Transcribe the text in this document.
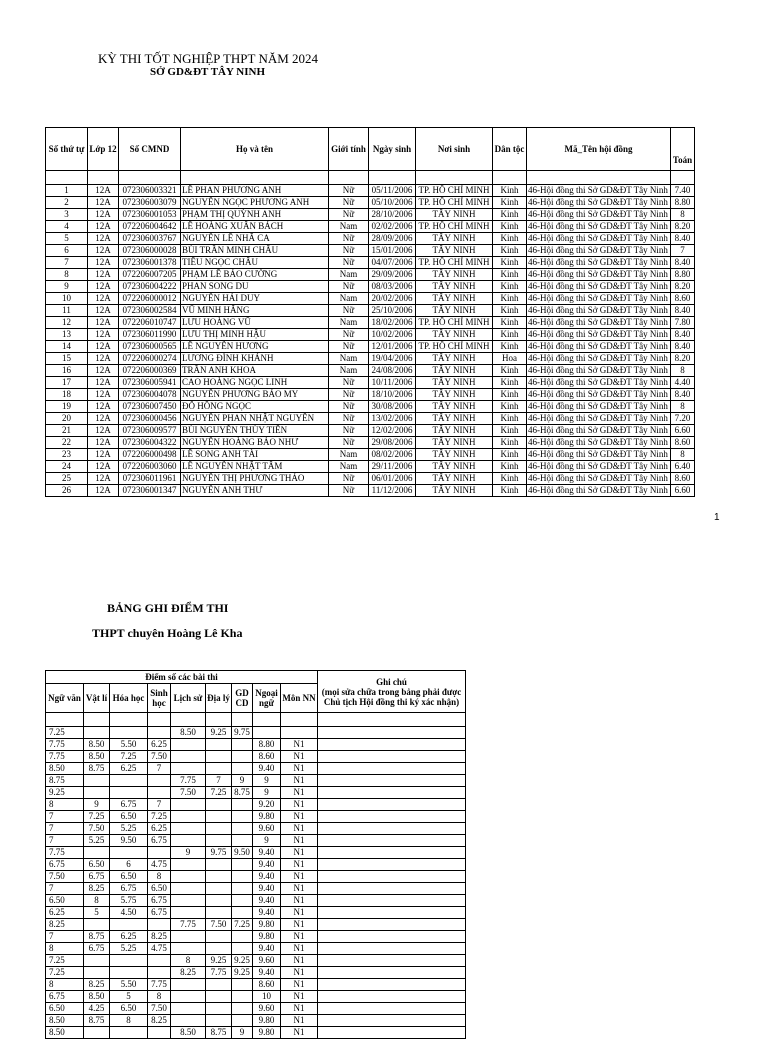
KỲ THI TỐT NGHIỆP THPT NĂM 2024
SỞ GD&ĐT TÂY NINH
Số thứ tự	Lớp 12	Số CMND	Họ và tên	Giới tính	Ngày sinh	Nơi sinh	Dân tộc	Mã_Tên hội đồng	Toán

1	12A	072306003321	LÊ PHAN PHƯƠNG ANH	Nữ	05/11/2006	TP. HỒ CHÍ MINH	Kinh	46-Hội đồng thi Sở GD&ĐT Tây Ninh	7.40
2	12A	072306003079	NGUYỄN NGỌC PHƯƠNG ANH	Nữ	05/10/2006	TP. HỒ CHÍ MINH	Kinh	46-Hội đồng thi Sở GD&ĐT Tây Ninh	8.80
3	12A	072306001053	PHẠM THỊ QUỲNH ANH	Nữ	28/10/2006	TÂY NINH	Kinh	46-Hội đồng thi Sở GD&ĐT Tây Ninh	8
4	12A	072206004642	LÊ HOÀNG XUÂN BÁCH	Nam	02/02/2006	TP. HỒ CHÍ MINH	Kinh	46-Hội đồng thi Sở GD&ĐT Tây Ninh	8.20
5	12A	072306003767	NGUYỄN LÊ NHÃ CA	Nữ	28/09/2006	TÂY NINH	Kinh	46-Hội đồng thi Sở GD&ĐT Tây Ninh	8.40
6	12A	072306000028	BÙI TRẦN MINH CHÂU	Nữ	15/01/2006	TÂY NINH	Kinh	46-Hội đồng thi Sở GD&ĐT Tây Ninh	7
7	12A	072306001378	TIÊU NGỌC CHÂU	Nữ	04/07/2006	TP. HỒ CHÍ MINH	Kinh	46-Hội đồng thi Sở GD&ĐT Tây Ninh	8.40
8	12A	072206007205	PHẠM LÊ BẢO CƯỜNG	Nam	29/09/2006	TÂY NINH	Kinh	46-Hội đồng thi Sở GD&ĐT Tây Ninh	8.80
9	12A	072306004222	PHAN SONG DU	Nữ	08/03/2006	TÂY NINH	Kinh	46-Hội đồng thi Sở GD&ĐT Tây Ninh	8.20
10	12A	072206000012	NGUYỄN HẢI DUY	Nam	20/02/2006	TÂY NINH	Kinh	46-Hội đồng thi Sở GD&ĐT Tây Ninh	8.60
11	12A	072306002584	VŨ MINH HẰNG	Nữ	25/10/2006	TÂY NINH	Kinh	46-Hội đồng thi Sở GD&ĐT Tây Ninh	8.40
12	12A	072206010747	LƯU HOÀNG VŨ	Nam	18/02/2006	TP. HỒ CHÍ MINH	Kinh	46-Hội đồng thi Sở GD&ĐT Tây Ninh	7.80
13	12A	072306011990	LƯU THỊ MINH HẬU	Nữ	10/02/2006	TÂY NINH	Kinh	46-Hội đồng thi Sở GD&ĐT Tây Ninh	8.40
14	12A	072306000565	LÊ NGUYỄN HƯƠNG	Nữ	12/01/2006	TP. HỒ CHÍ MINH	Kinh	46-Hội đồng thi Sở GD&ĐT Tây Ninh	8.40
15	12A	072206000274	LƯƠNG ĐÌNH KHÁNH	Nam	19/04/2006	TÂY NINH	Hoa	46-Hội đồng thi Sở GD&ĐT Tây Ninh	8.20
16	12A	072206000369	TRẦN ANH KHOA	Nam	24/08/2006	TÂY NINH	Kinh	46-Hội đồng thi Sở GD&ĐT Tây Ninh	8
17	12A	072306005941	CAO HOÀNG NGỌC LINH	Nữ	10/11/2006	TÂY NINH	Kinh	46-Hội đồng thi Sở GD&ĐT Tây Ninh	4.40
18	12A	072306004078	NGUYỄN PHƯƠNG BẢO MY	Nữ	18/10/2006	TÂY NINH	Kinh	46-Hội đồng thi Sở GD&ĐT Tây Ninh	8.40
19	12A	072306007450	ĐỖ HỒNG NGỌC	Nữ	30/08/2006	TÂY NINH	Kinh	46-Hội đồng thi Sở GD&ĐT Tây Ninh	8
20	12A	072306000456	NGUYỄN PHAN NHẬT NGUYÊN	Nữ	13/02/2006	TÂY NINH	Kinh	46-Hội đồng thi Sở GD&ĐT Tây Ninh	7.20
21	12A	072306009577	BÙI NGUYỄN THÙY TIÊN	Nữ	12/02/2006	TÂY NINH	Kinh	46-Hội đồng thi Sở GD&ĐT Tây Ninh	6.60
22	12A	072306004322	NGUYỄN HOÀNG BẢO NHƯ	Nữ	29/08/2006	TÂY NINH	Kinh	46-Hội đồng thi Sở GD&ĐT Tây Ninh	8.60
23	12A	072206000498	LÊ SONG ANH TÀI	Nam	08/02/2006	TÂY NINH	Kinh	46-Hội đồng thi Sở GD&ĐT Tây Ninh	8
24	12A	072206003060	LÊ NGUYỄN NHẬT TÂM	Nam	29/11/2006	TÂY NINH	Kinh	46-Hội đồng thi Sở GD&ĐT Tây Ninh	6.40
25	12A	072306011961	NGUYỄN THỊ PHƯƠNG THẢO	Nữ	06/01/2006	TÂY NINH	Kinh	46-Hội đồng thi Sở GD&ĐT Tây Ninh	8.60
26	12A	072306001347	NGUYỄN ANH THƯ	Nữ	11/12/2006	TÂY NINH	Kinh	46-Hội đồng thi Sở GD&ĐT Tây Ninh	6.60
1
BẢNG GHI ĐIỂM THI
THPT chuyên Hoàng Lê Kha
Điểm số các bài thi									Ghi chú
(mọi sửa chữa trong bảng phải được Chủ tịch Hội đồng thi ký xác nhận)
Ngữ văn	Vật lí	Hóa học	Sinh học	Lịch sử	Địa lý	GD CD	Ngoại ngữ	Môn NN	

7.25				8.50	9.25	9.75			
7.75	8.50	5.50	6.25				8.80	N1	
7.75	8.50	7.25	7.50				8.60	N1	
8.50	8.75	6.25	7				9.40	N1	
8.75				7.75	7	9	9	N1	
9.25				7.50	7.25	8.75	9	N1	
8	9	6.75	7				9.20	N1	
7	7.25	6.50	7.25				9.80	N1	
7	7.50	5.25	6.25				9.60	N1	
7	5.25	9.50	6.75				9	N1	
7.75				9	9.75	9.50	9.40	N1	
6.75	6.50	6	4.75				9.40	N1	
7.50	6.75	6.50	8				9.40	N1	
7	8.25	6.75	6.50				9.40	N1	
6.50	8	5.75	6.75				9.40	N1	
6.25	5	4.50	6.75				9.40	N1	
8.25				7.75	7.50	7.25	9.80	N1	
7	8.75	6.25	8.25				9.80	N1	
8	6.75	5.25	4.75				9.40	N1	
7.25				8	9.25	9.25	9.60	N1	
7.25				8.25	7.75	9.25	9.40	N1	
8	8.25	5.50	7.75				8.60	N1	
6.75	8.50	5	8				10	N1	
6.50	4.25	6.50	7.50				9.60	N1	
8.50	8.75	8	8.25				9.80	N1	
8.50				8.50	8.75	9	9.80	N1	
